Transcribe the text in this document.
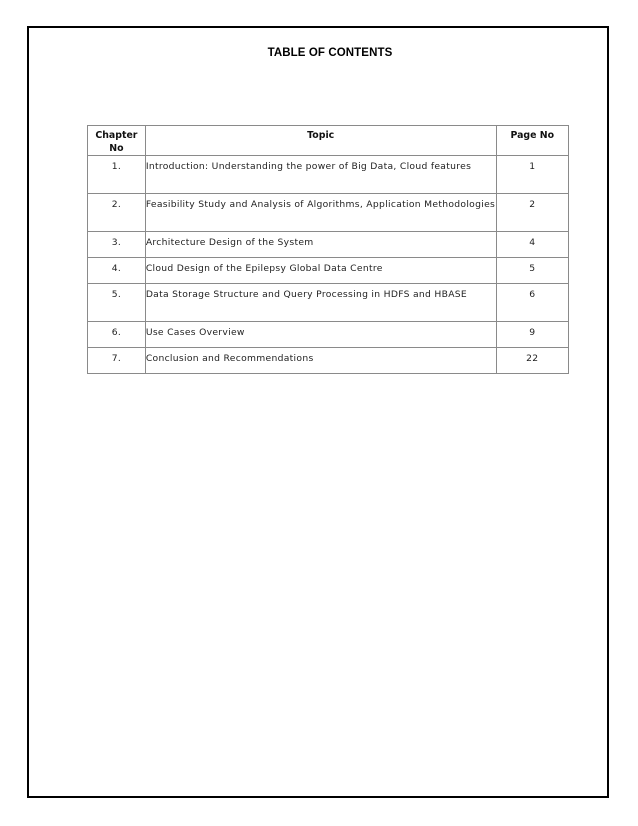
TABLE OF CONTENTS
Chapter No	Topic	Page No
1.	Introduction: Understanding the power of Big Data, Cloud features	1
2.	Feasibility Study and Analysis of Algorithms, Application Methodologies	2
3.	Architecture Design of the System	4
4.	Cloud Design of the Epilepsy Global Data Centre	5
5.	Data Storage Structure and Query Processing in HDFS and HBASE	6
6.	Use Cases Overview	9
7.	Conclusion and Recommendations	22
